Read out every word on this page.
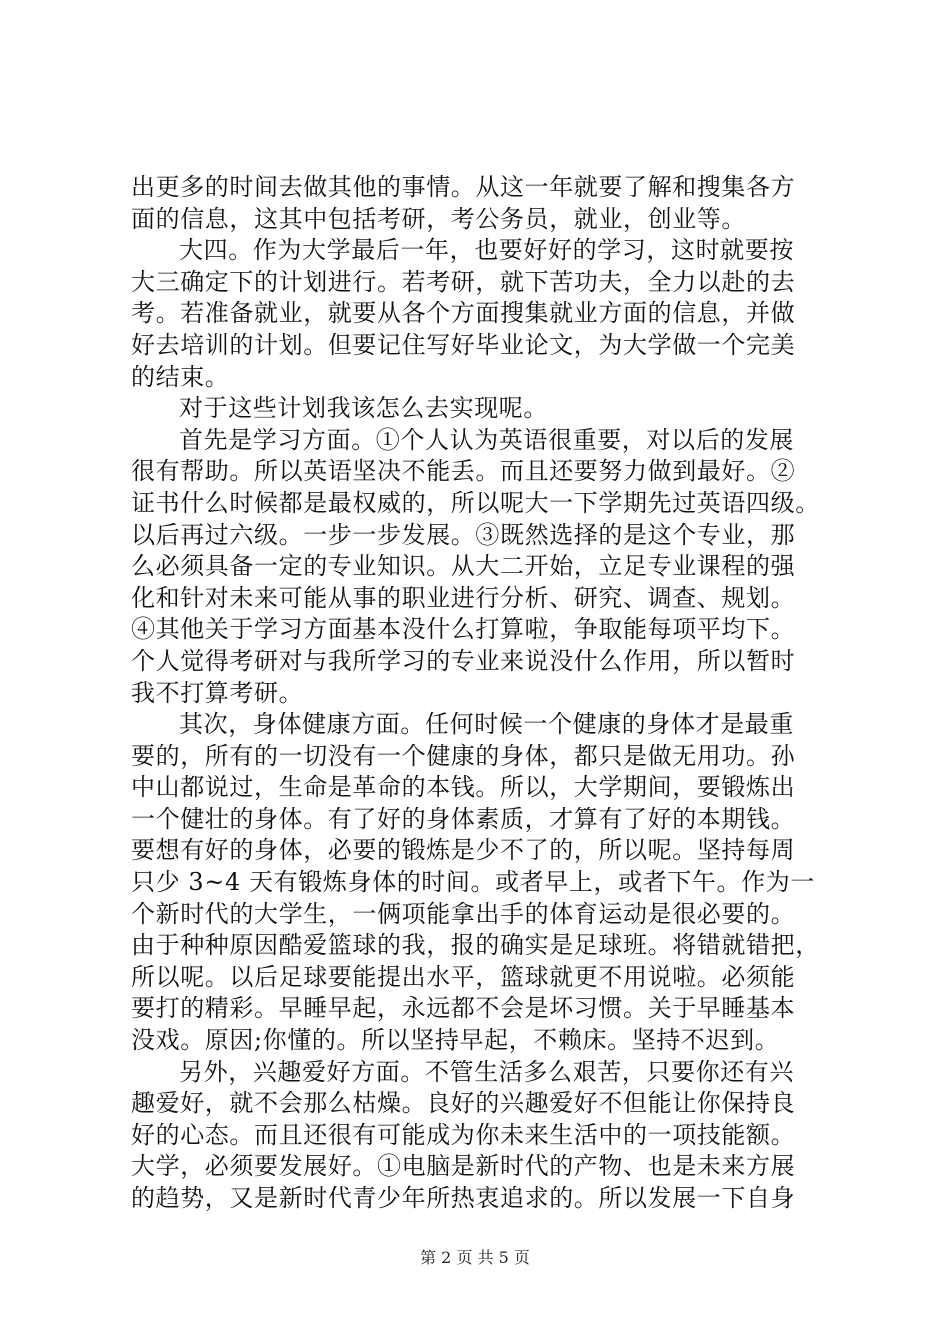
出更多的时间去做其他的事情。从这一年就要了解和搜集各方
面的信息，这其中包括考研，考公务员，就业，创业等。
大四。作为大学最后一年，也要好好的学习，这时就要按
大三确定下的计划进行。若考研，就下苦功夫，全力以赴的去
考。若准备就业，就要从各个方面搜集就业方面的信息，并做
好去培训的计划。但要记住写好毕业论文，为大学做一个完美
的结束。
对于这些计划我该怎么去实现呢。
首先是学习方面。①个人认为英语很重要，对以后的发展
很有帮助。所以英语坚决不能丢。而且还要努力做到最好。②
证书什么时候都是最权威的，所以呢大一下学期先过英语四级。
以后再过六级。一步一步发展。③既然选择的是这个专业，那
么必须具备一定的专业知识。从大二开始，立足专业课程的强
化和针对未来可能从事的职业进行分析、研究、调查、规划。
④其他关于学习方面基本没什么打算啦，争取能每项平均下。
个人觉得考研对与我所学习的专业来说没什么作用，所以暂时
我不打算考研。
其次，身体健康方面。任何时候一个健康的身体才是最重
要的，所有的一切没有一个健康的身体，都只是做无用功。孙
中山都说过，生命是革命的本钱。所以，大学期间，要锻炼出
一个健壮的身体。有了好的身体素质，才算有了好的本期钱。
要想有好的身体，必要的锻炼是少不了的，所以呢。坚持每周
只少 3~4 天有锻炼身体的时间。或者早上，或者下午。作为一
个新时代的大学生，一俩项能拿出手的体育运动是很必要的。
由于种种原因酷爱篮球的我，报的确实是足球班。将错就错把，
所以呢。以后足球要能提出水平，篮球就更不用说啦。必须能
要打的精彩。早睡早起，永远都不会是坏习惯。关于早睡基本
没戏。原因;你懂的。所以坚持早起，不赖床。坚持不迟到。
另外，兴趣爱好方面。不管生活多么艰苦，只要你还有兴
趣爱好，就不会那么枯燥。良好的兴趣爱好不但能让你保持良
好的心态。而且还很有可能成为你未来生活中的一项技能额。
大学，必须要发展好。①电脑是新时代的产物、也是未来方展
的趋势，又是新时代青少年所热衷追求的。所以发展一下自身
第 2 页 共 5 页
